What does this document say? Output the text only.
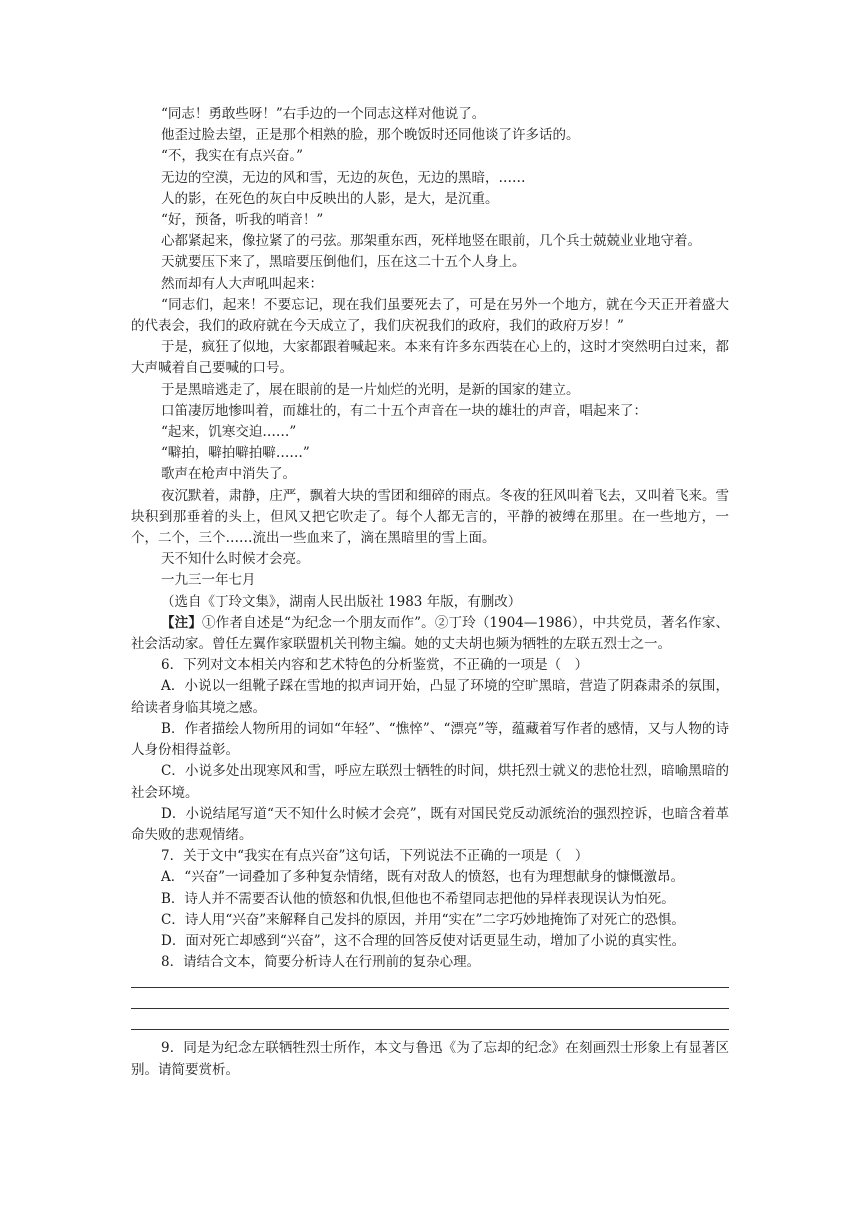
“同志！勇敢些呀！”右手边的一个同志这样对他说了。

他歪过脸去望，正是那个相熟的脸，那个晚饭时还同他谈了许多话的。

“不，我实在有点兴奋。”

无边的空漠，无边的风和雪，无边的灰色，无边的黑暗，……

人的影，在死色的灰白中反映出的人影，是大，是沉重。

“好，预备，听我的哨音！”

心都紧起来，像拉紧了的弓弦。那架重东西，死样地竖在眼前，几个兵士兢兢业业地守着。

天就要压下来了，黑暗要压倒他们，压在这二十五个人身上。

然而却有人大声吼叫起来：

“同志们，起来！不要忘记，现在我们虽要死去了，可是在另外一个地方，就在今天正开着盛大的代表会，我们的政府就在今天成立了，我们庆祝我们的政府，我们的政府万岁！”

于是，疯狂了似地，大家都跟着喊起来。本来有许多东西装在心上的，这时才突然明白过来，都大声喊着自己要喊的口号。

于是黑暗逃走了，展在眼前的是一片灿烂的光明，是新的国家的建立。

口笛凄厉地惨叫着，而雄壮的，有二十五个声音在一块的雄壮的声音，唱起来了：

“起来，饥寒交迫……”

“噼拍，噼拍噼拍噼……”

歌声在枪声中消失了。

夜沉默着，肃静，庄严，飘着大块的雪团和细碎的雨点。冬夜的狂风叫着飞去，又叫着飞来。雪块积到那垂着的头上，但风又把它吹走了。每个人都无言的，平静的被缚在那里。在一些地方，一个，二个，三个……流出一些血来了，滴在黑暗里的雪上面。

天不知什么时候才会亮。

一九三一年七月

（选自《丁玲文集》，湖南人民出版社 1983 年版，有删改）

【注】①作者自述是“为纪念一个朋友而作”。②丁玲（1904—1986），中共党员，著名作家、社会活动家。曾任左翼作家联盟机关刊物主编。她的丈夫胡也频为牺牲的左联五烈士之一。

6．下列对文本相关内容和艺术特色的分析鉴赏，不正确的一项是（　）

A．小说以一组靴子踩在雪地的拟声词开始，凸显了环境的空旷黑暗，营造了阴森肃杀的氛围，给读者身临其境之感。

B．作者描绘人物所用的词如“年轻”、“憔悴”、“漂亮”等，蕴藏着写作者的感情，又与人物的诗人身份相得益彰。

C．小说多处出现寒风和雪，呼应左联烈士牺牲的时间，烘托烈士就义的悲怆壮烈，暗喻黑暗的社会环境。

D．小说结尾写道“天不知什么时候才会亮”，既有对国民党反动派统治的强烈控诉，也暗含着革命失败的悲观情绪。

7．关于文中“我实在有点兴奋”这句话，下列说法不正确的一项是（　）

A．“兴奋”一词叠加了多种复杂情绪，既有对敌人的愤怒，也有为理想献身的慷慨激昂。

B．诗人并不需要否认他的愤怒和仇恨,但他也不希望同志把他的异样表现误认为怕死。

C．诗人用“兴奋”来解释自己发抖的原因，并用“实在”二字巧妙地掩饰了对死亡的恐惧。

D．面对死亡却感到“兴奋”，这不合理的回答反使对话更显生动，增加了小说的真实性。

8．请结合文本，简要分析诗人在行刑前的复杂心理。

9．同是为纪念左联牺牲烈士所作，本文与鲁迅《为了忘却的纪念》在刻画烈士形象上有显著区别。请简要赏析。
